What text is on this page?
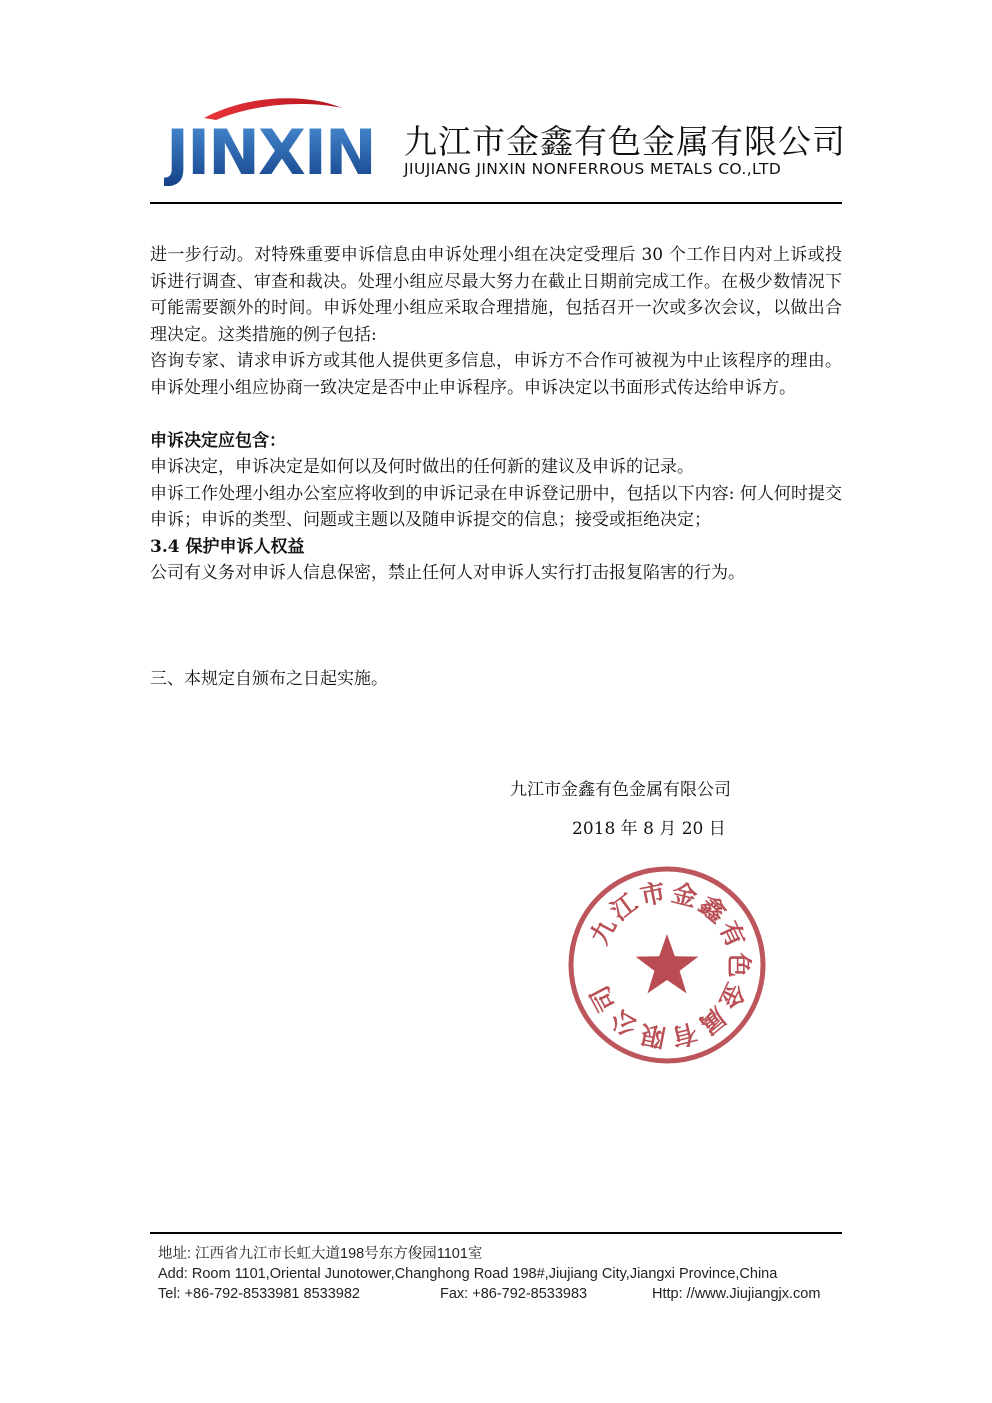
JINXIN 九江市金鑫有色金属有限公司
JIUJIANG JINXIN NONFERROUS METALS CO.,LTD

进一步行动。对特殊重要申诉信息由申诉处理小组在决定受理后 30 个工作日内对上诉或投诉进行调查、审查和裁决。处理小组应尽最大努力在截止日期前完成工作。在极少数情况下可能需要额外的时间。申诉处理小组应采取合理措施，包括召开一次或多次会议，以做出合理决定。这类措施的例子包括:

咨询专家、请求申诉方或其他人提供更多信息，申诉方不合作可被视为中止该程序的理由。申诉处理小组应协商一致决定是否中止申诉程序。申诉决定以书面形式传达给申诉方。

申诉决定应包含：

申诉决定，申诉决定是如何以及何时做出的任何新的建议及申诉的记录。

申诉工作处理小组办公室应将收到的申诉记录在申诉登记册中，包括以下内容: 何人何时提交申诉；申诉的类型、问题或主题以及随申诉提交的信息；接受或拒绝决定；

3.4 保护申诉人权益

公司有义务对申诉人信息保密，禁止任何人对申诉人实行打击报复陷害的行为。

三、本规定自颁布之日起实施。

九江市金鑫有色金属有限公司
2018 年 8 月 20 日
九
江
市 金
鑫
有
色
金
属
有
限
公
司
地址: 江西省九江市长虹大道198号东方俊园1101室
Add: Room 1101,Oriental Junotower,Changhong Road 198#,Jiujiang City,Jiangxi Province,China
Tel: +86-792-8533981 8533982	Fax: +86-792-8533983	Http: //www.Jiujiangjx.com
